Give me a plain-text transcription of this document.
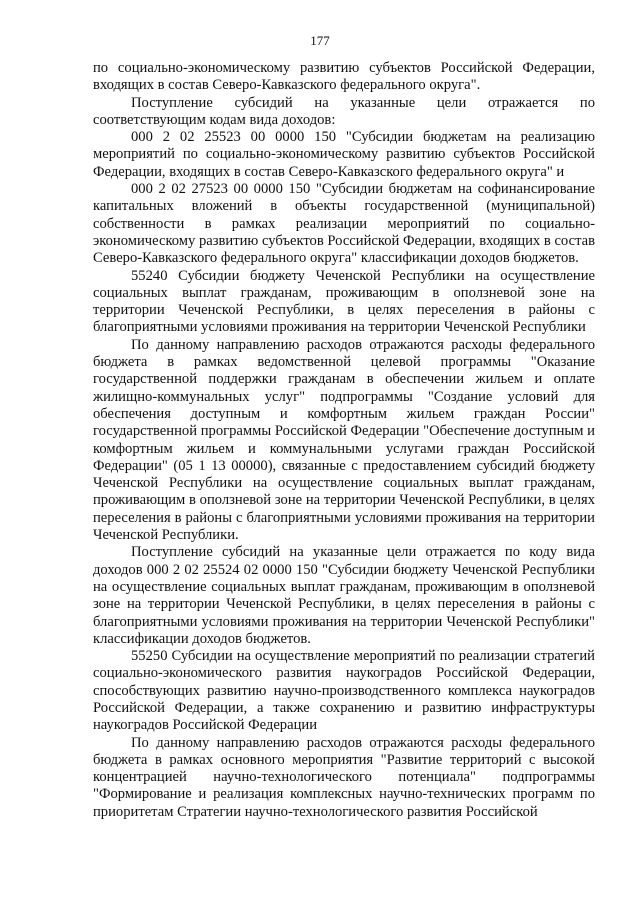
177

по социально-экономическому развитию субъектов Российской Федерации, входящих в состав Северо-Кавказского федерального округа".

Поступление субсидий на указанные цели отражается по соответствующим кодам вида доходов:

000 2 02 25523 00 0000 150 "Субсидии бюджетам на реализацию мероприятий по социально-экономическому развитию субъектов Российской Федерации, входящих в состав Северо-Кавказского федерального округа" и

000 2 02 27523 00 0000 150 "Субсидии бюджетам на софинансирование капитальных вложений в объекты государственной (муниципальной) собственности в рамках реализации мероприятий по социально-экономическому развитию субъектов Российской Федерации, входящих в состав Северо-Кавказского федерального округа" классификации доходов бюджетов.

55240 Субсидии бюджету Чеченской Республики на осуществление социальных выплат гражданам, проживающим в оползневой зоне на территории Чеченской Республики, в целях переселения в районы с благоприятными условиями проживания на территории Чеченской Республики

По данному направлению расходов отражаются расходы федерального бюджета в рамках ведомственной целевой программы "Оказание государственной поддержки гражданам в обеспечении жильем и оплате жилищно-коммунальных услуг" подпрограммы "Создание условий для обеспечения доступным и комфортным жильем граждан России" государственной программы Российской Федерации "Обеспечение доступным и комфортным жильем и коммунальными услугами граждан Российской Федерации" (05 1 13 00000), связанные с предоставлением субсидий бюджету Чеченской Республики на осуществление социальных выплат гражданам, проживающим в оползневой зоне на территории Чеченской Республики, в целях переселения в районы с благоприятными условиями проживания на территории Чеченской Республики.

Поступление субсидий на указанные цели отражается по коду вида доходов 000 2 02 25524 02 0000 150 "Субсидии бюджету Чеченской Республики на осуществление социальных выплат гражданам, проживающим в оползневой зоне на территории Чеченской Республики, в целях переселения в районы с благоприятными условиями проживания на территории Чеченской Республики" классификации доходов бюджетов.

55250 Субсидии на осуществление мероприятий по реализации стратегий социально-экономического развития наукоградов Российской Федерации, способствующих развитию научно-производственного комплекса наукоградов Российской Федерации, а также сохранению и развитию инфраструктуры наукоградов Российской Федерации

По данному направлению расходов отражаются расходы федерального бюджета в рамках основного мероприятия "Развитие территорий с высокой концентрацией научно-технологического потенциала" подпрограммы "Формирование и реализация комплексных научно-технических программ по приоритетам Стратегии научно-технологического развития Российской
